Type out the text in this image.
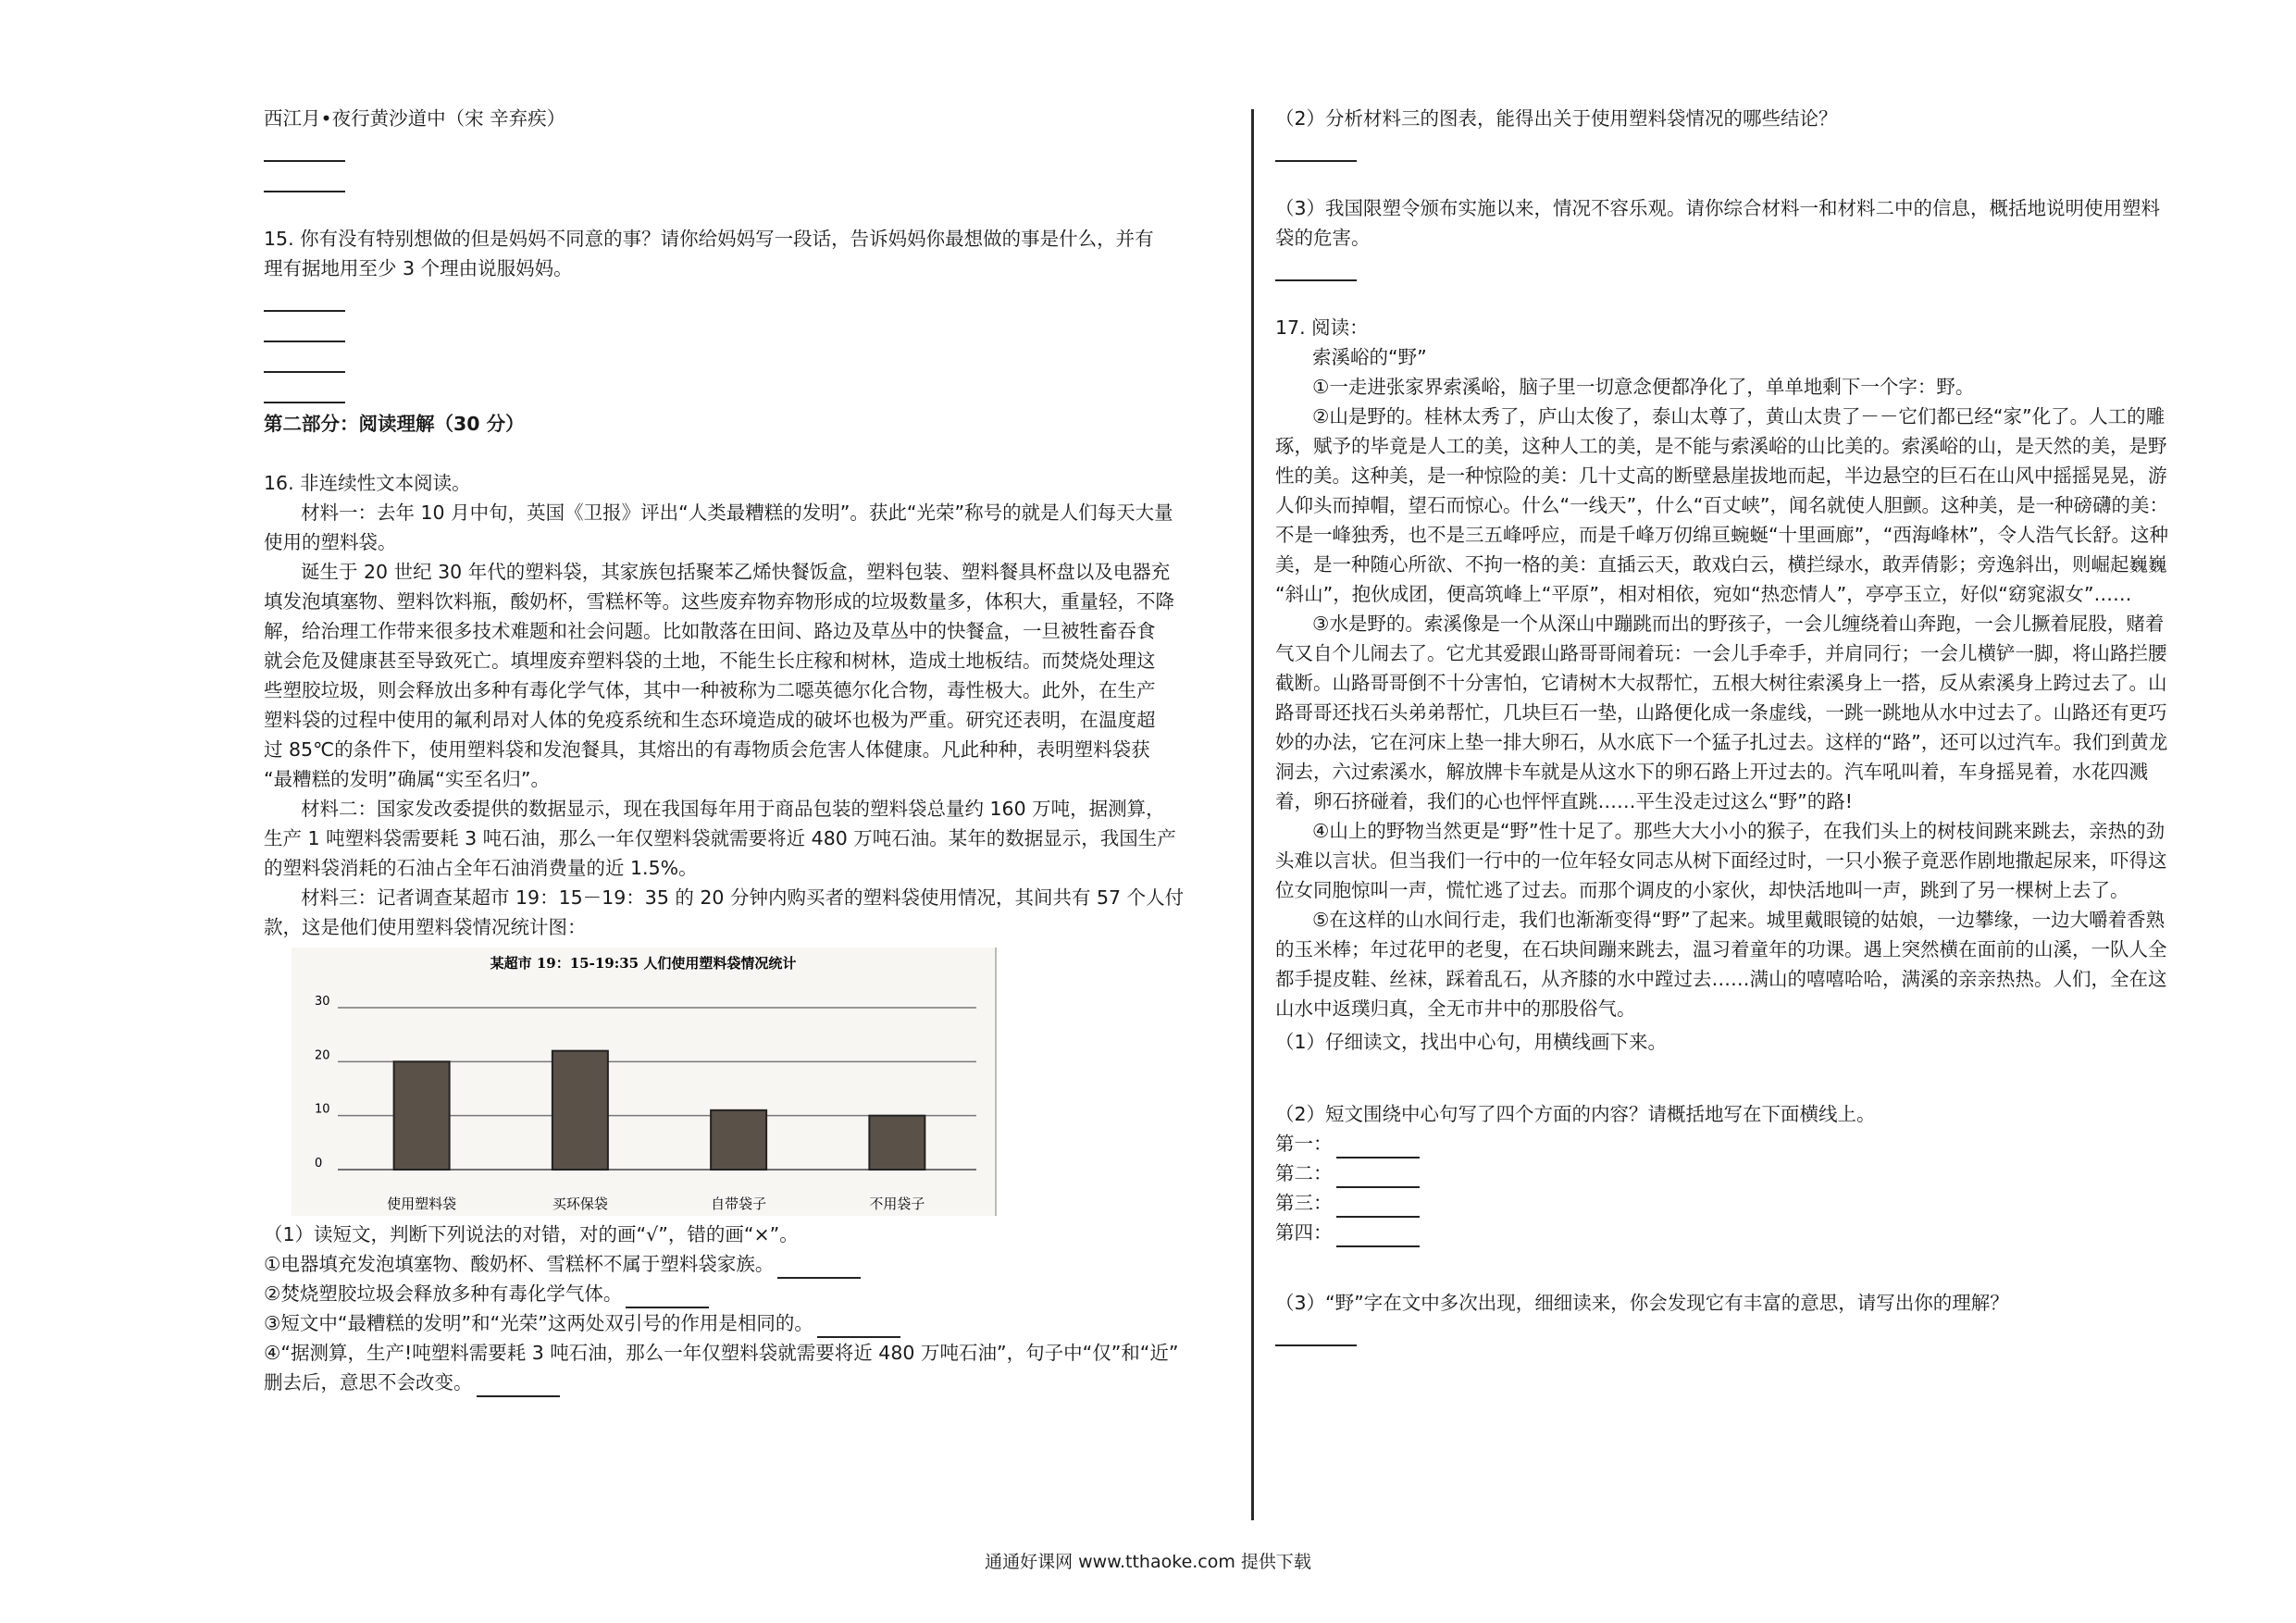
西江月•夜行黄沙道中（宋 辛弃疾）
15. 你有没有特别想做的但是妈妈不同意的事？请你给妈妈写一段话，告诉妈妈你最想做的事是什么，并有
理有据地用至少 3 个理由说服妈妈。
第二部分：阅读理解（30 分）
16. 非连续性文本阅读。
材料一：去年 10 月中旬，英国《卫报》评出“人类最糟糕的发明”。获此“光荣”称号的就是人们每天大量
使用的塑料袋。
诞生于 20 世纪 30 年代的塑料袋，其家族包括聚苯乙烯快餐饭盒，塑料包装、塑料餐具杯盘以及电器充
填发泡填塞物、塑料饮料瓶，酸奶杯，雪糕杯等。这些废弃物弃物形成的垃圾数量多，体积大，重量轻，不降
解，给治理工作带来很多技术难题和社会问题。比如散落在田间、路边及草丛中的快餐盒，一旦被牲畜吞食
就会危及健康甚至导致死亡。填埋废弃塑料袋的土地，不能生长庄稼和树林，造成土地板结。而焚烧处理这
些塑胶垃圾，则会释放出多种有毒化学气体，其中一种被称为二噁英德尔化合物，毒性极大。此外，在生产
塑料袋的过程中使用的氟利昂对人体的免疫系统和生态环境造成的破坏也极为严重。研究还表明，在温度超
过 85℃的条件下，使用塑料袋和发泡餐具，其熔出的有毒物质会危害人体健康。凡此种种，表明塑料袋获
“最糟糕的发明”确属“实至名归”。
材料二：国家发改委提供的数据显示，现在我国每年用于商品包装的塑料袋总量约 160 万吨，据测算，
生产 1 吨塑料袋需要耗 3 吨石油，那么一年仅塑料袋就需要将近 480 万吨石油。某年的数据显示，我国生产
的塑料袋消耗的石油占全年石油消费量的近 1.5%。
材料三：记者调查某超市 19：15－19：35 的 20 分钟内购买者的塑料袋使用情况，其间共有 57 个人付
款，这是他们使用塑料袋情况统计图：
某超市 19：15-19:35 人们使用塑料袋情况统计
0
10
20
30
使用塑料袋	买环保袋	自带袋子	不用袋子
（1）读短文，判断下列说法的对错，对的画“√”，错的画“×”。
①电器填充发泡填塞物、酸奶杯、雪糕杯不属于塑料袋家族。
②焚烧塑胶垃圾会释放多种有毒化学气体。
③短文中“最糟糕的发明”和“光荣”这两处双引号的作用是相同的。
④“据测算，生产!吨塑料需要耗 3 吨石油，那么一年仅塑料袋就需要将近 480 万吨石油”，句子中“仅”和“近”
删去后，意思不会改变。
（2）分析材料三的图表，能得出关于使用塑料袋情况的哪些结论？
（3）我国限塑令颁布实施以来，情况不容乐观。请你综合材料一和材料二中的信息，概括地说明使用塑料
袋的危害。
17. 阅读：
索溪峪的“野”
①一走进张家界索溪峪，脑子里一切意念便都净化了，单单地剩下一个字：野。
②山是野的。桂林太秀了，庐山太俊了，泰山太尊了，黄山太贵了－－它们都已经“家”化了。人工的雕
琢，赋予的毕竟是人工的美，这种人工的美，是不能与索溪峪的山比美的。索溪峪的山，是天然的美，是野
性的美。这种美，是一种惊险的美：几十丈高的断壁悬崖拔地而起，半边悬空的巨石在山风中摇摇晃晃，游
人仰头而掉帽，望石而惊心。什么“一线天”，什么“百丈峡”，闻名就使人胆颤。这种美，是一种磅礴的美：
不是一峰独秀，也不是三五峰呼应，而是千峰万仞绵亘蜿蜒“十里画廊”，“西海峰林”，令人浩气长舒。这种
美，是一种随心所欲、不拘一格的美：直插云天，敢戏白云，横拦绿水，敢弄倩影；旁逸斜出，则崛起巍巍
“斜山”，抱伙成团，便高筑峰上“平原”，相对相依，宛如“热恋情人”，亭亭玉立，好似“窈窕淑女”……
③水是野的。索溪像是一个从深山中蹦跳而出的野孩子，一会儿缠绕着山奔跑，一会儿撅着屁股，赌着
气又自个儿闹去了。它尤其爱跟山路哥哥闹着玩：一会儿手牵手，并肩同行；一会儿横铲一脚，将山路拦腰
截断。山路哥哥倒不十分害怕，它请树木大叔帮忙，五根大树往索溪身上一搭，反从索溪身上跨过去了。山
路哥哥还找石头弟弟帮忙，几块巨石一垫，山路便化成一条虚线，一跳一跳地从水中过去了。山路还有更巧
妙的办法，它在河床上垫一排大卵石，从水底下一个猛子扎过去。这样的“路”，还可以过汽车。我们到黄龙
洞去，六过索溪水，解放牌卡车就是从这水下的卵石路上开过去的。汽车吼叫着，车身摇晃着，水花四溅
着，卵石挤碰着，我们的心也怦怦直跳……平生没走过这么“野”的路!
④山上的野物当然更是“野”性十足了。那些大大小小的猴子，在我们头上的树枝间跳来跳去，亲热的劲
头难以言状。但当我们一行中的一位年轻女同志从树下面经过时，一只小猴子竟恶作剧地撒起尿来，吓得这
位女同胞惊叫一声，慌忙逃了过去。而那个调皮的小家伙，却快活地叫一声，跳到了另一棵树上去了。
⑤在这样的山水间行走，我们也渐渐变得“野”了起来。城里戴眼镜的姑娘，一边攀缘，一边大嚼着香熟
的玉米棒；年过花甲的老叟，在石块间蹦来跳去，温习着童年的功课。遇上突然横在面前的山溪，一队人全
都手提皮鞋、丝袜，踩着乱石，从齐膝的水中蹚过去……满山的嘻嘻哈哈，满溪的亲亲热热。人们，全在这
山水中返璞归真，全无市井中的那股俗气。
（1）仔细读文，找出中心句，用横线画下来。
（2）短文围绕中心句写了四个方面的内容？请概括地写在下面横线上。
第一：
第二：
第三：
第四：
（3）“野”字在文中多次出现，细细读来，你会发现它有丰富的意思，请写出你的理解？
通通好课网 www.tthaoke.com 提供下载
